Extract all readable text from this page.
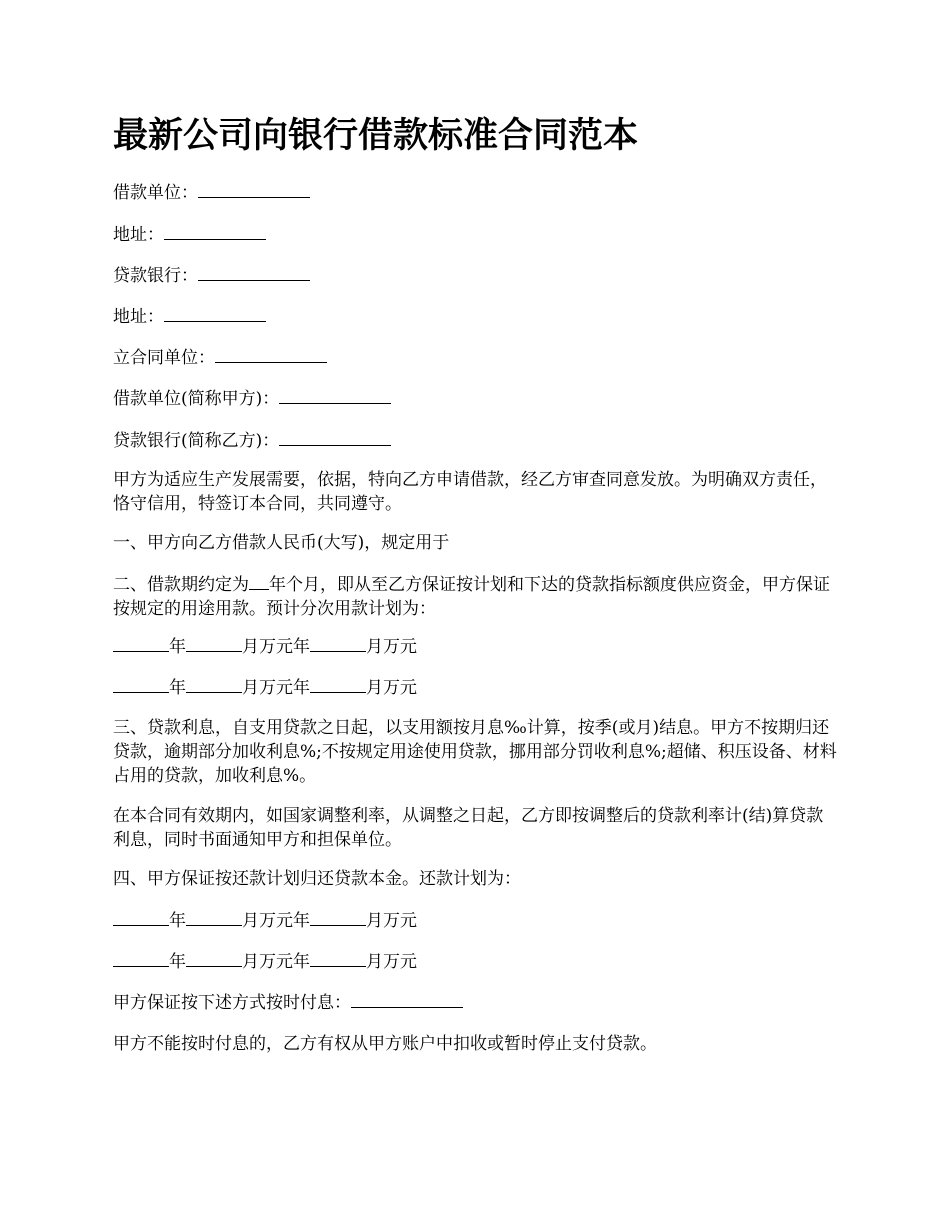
最新公司向银行借款标准合同范本

借款单位：

地址：

贷款银行：

地址：

立合同单位：

借款单位(简称甲方)：

贷款银行(简称乙方)：

甲方为适应生产发展需要，依据，特向乙方申请借款，经乙方审查同意发放。为明确双方责任，恪守信用，特签订本合同，共同遵守。

一、甲方向乙方借款人民币(大写)，规定用于

二、借款期约定为 年个月，即从至乙方保证按计划和下达的贷款指标额度供应资金，甲方保证按规定的用途用款。预计分次用款计划为：

年	月万元年	月万元

年	月万元年	月万元

三、贷款利息，自支用贷款之日起，以支用额按月息‰计算，按季(或月)结息。甲方不按期归还贷款，逾期部分加收利息%;不按规定用途使用贷款，挪用部分罚收利息%;超储、积压设备、材料占用的贷款，加收利息%。

在本合同有效期内，如国家调整利率，从调整之日起，乙方即按调整后的贷款利率计(结)算贷款利息，同时书面通知甲方和担保单位。

四、甲方保证按还款计划归还贷款本金。还款计划为：

年	月万元年	月万元

年	月万元年	月万元

甲方保证按下述方式按时付息：

甲方不能按时付息的，乙方有权从甲方账户中扣收或暂时停止支付贷款。
